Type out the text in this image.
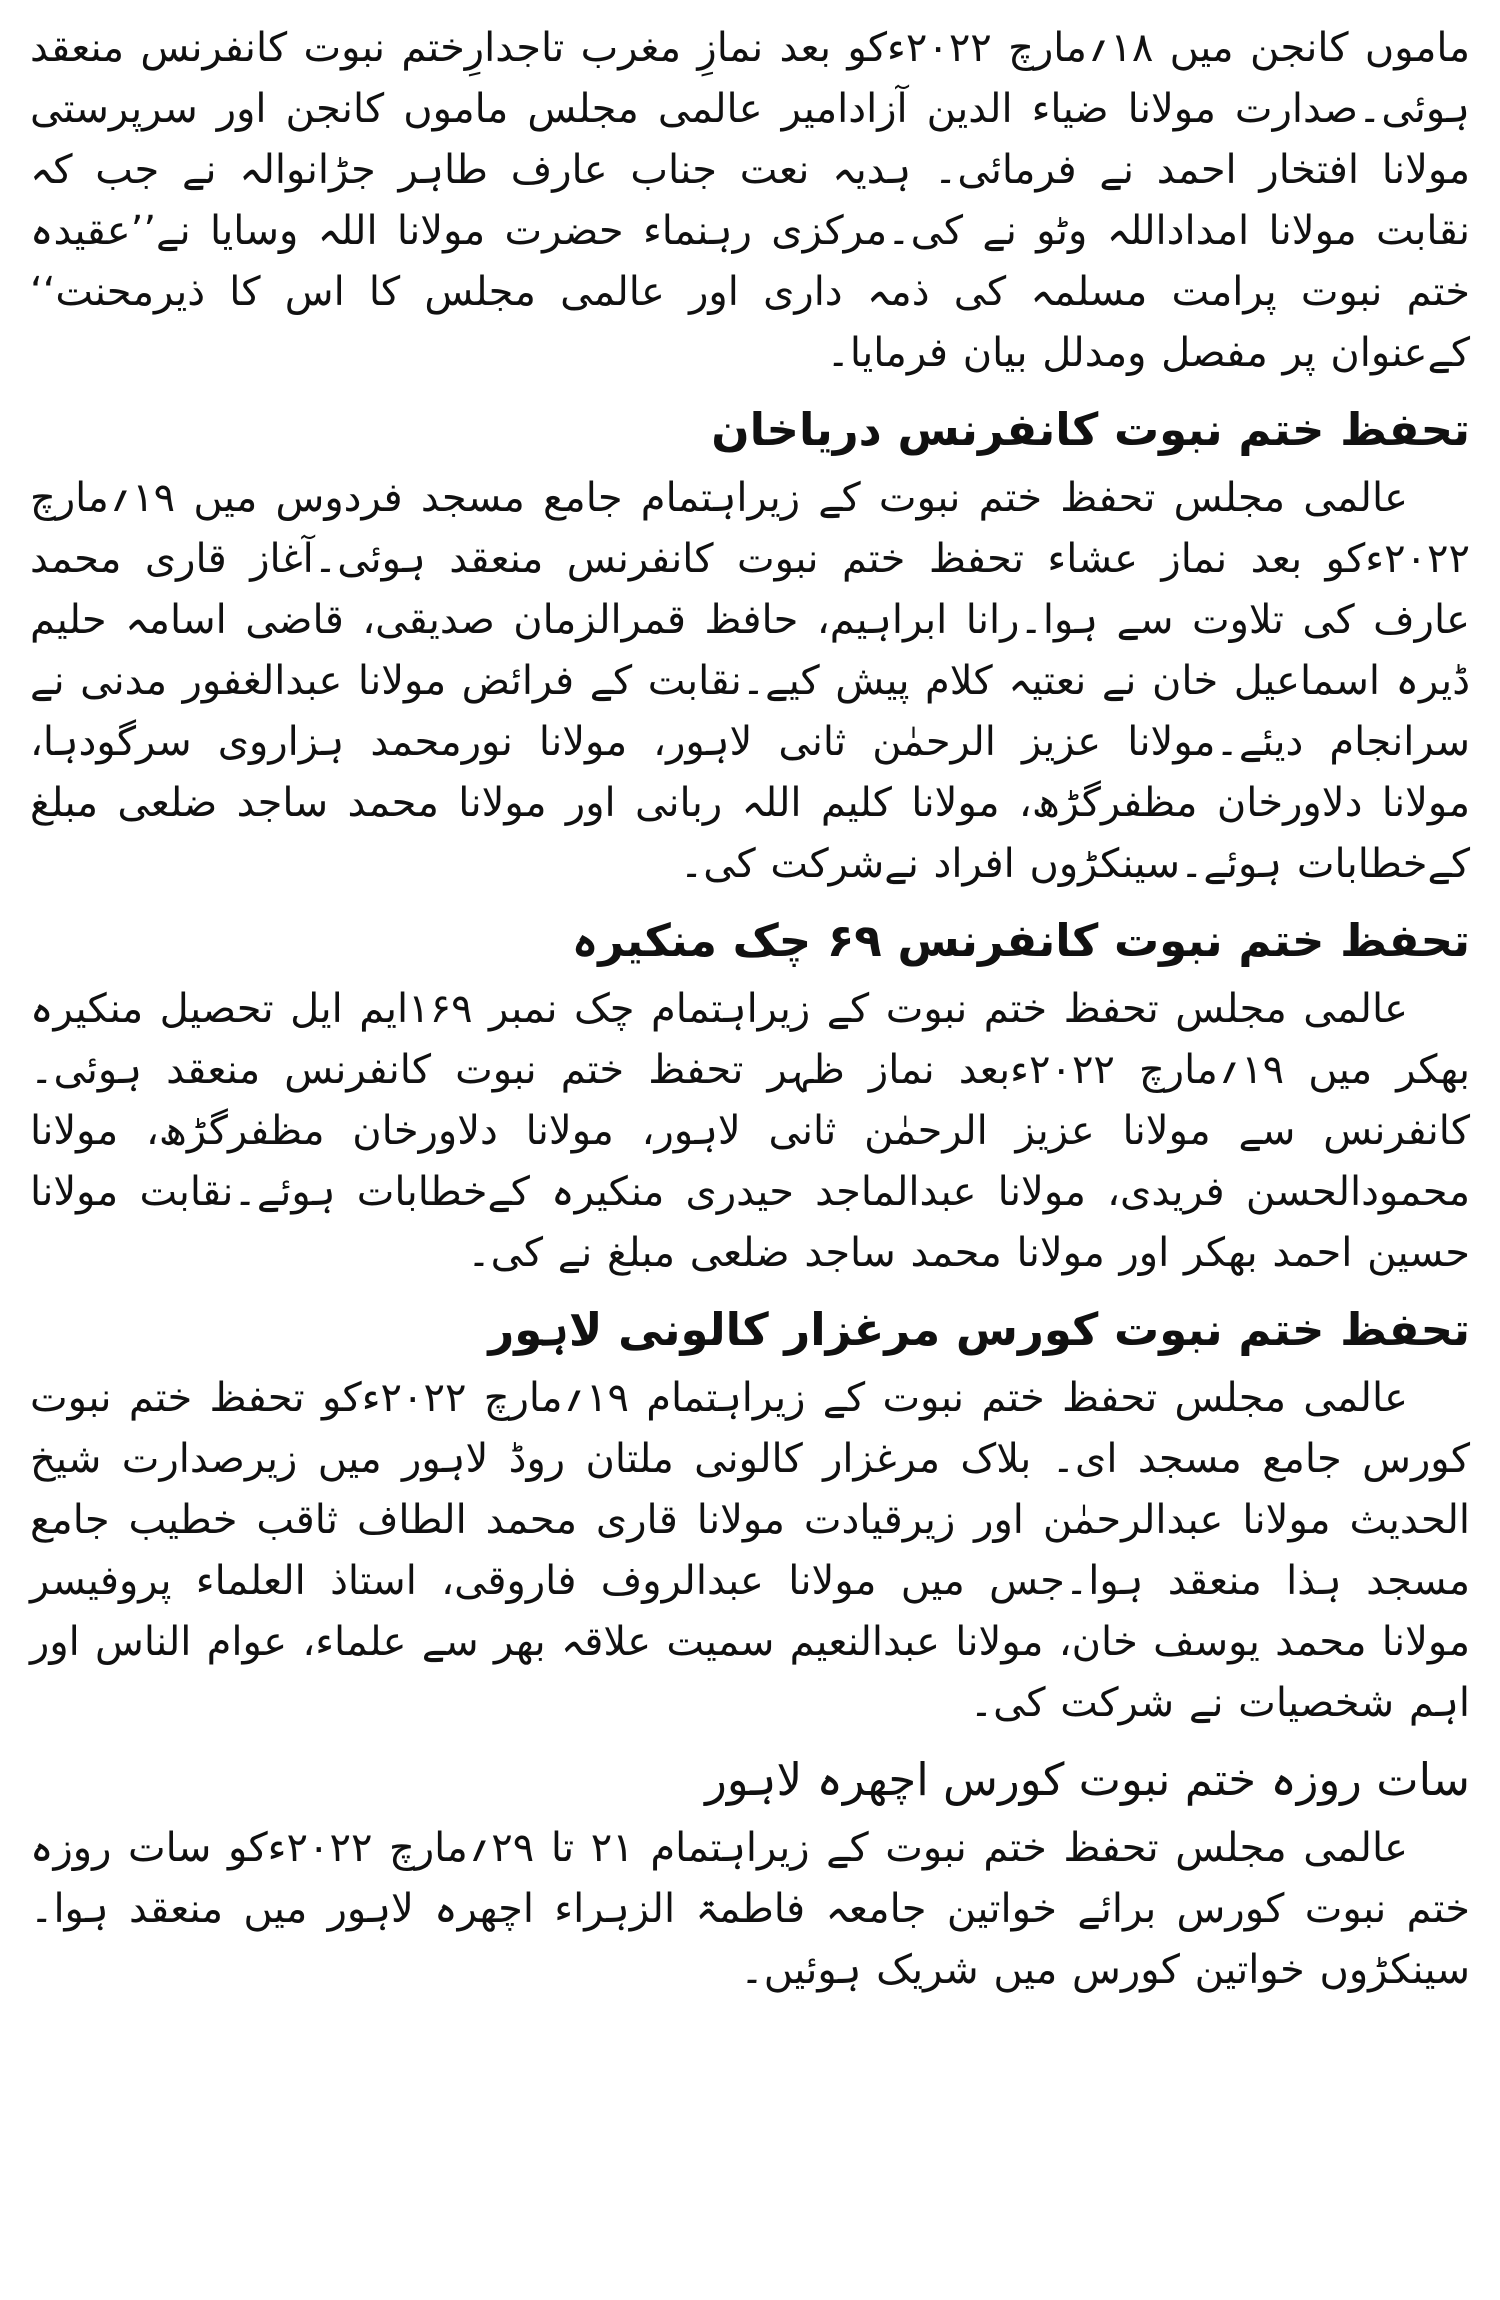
ماموں کانجن میں ۱۸؍مارچ ۲۰۲۲ءکو بعد نمازِ مغرب تاجدارِختم نبوت کانفرنس منعقد ہوئی۔صدارت مولانا ضیاء الدین آزادامیر عالمی مجلس ماموں کانجن اور سرپرستی مولانا افتخار احمد نے فرمائی۔ ہدیہ نعت جناب عارف طاہر جڑانوالہ نے جب کہ نقابت مولانا امداداللہ وٹو نے کی۔مرکزی رہنماء حضرت مولانا اللہ وسایا نے’’عقیدہ ختم نبوت پرامت مسلمہ کی ذمہ داری اور عالمی مجلس کا اس کا ذیرمحنت‘‘ کےعنوان پر مفصل ومدلل بیان فرمایا۔

تحفظ ختم نبوت کانفرنس دریاخان

عالمی مجلس تحفظ ختم نبوت کے زیراہتمام جامع مسجد فردوس میں ۱۹؍مارچ ۲۰۲۲ءکو بعد نماز عشاء تحفظ ختم نبوت کانفرنس منعقد ہوئی۔آغاز قاری محمد عارف کی تلاوت سے ہوا۔رانا ابراہیم، حافظ قمرالزمان صدیقی، قاضی اسامہ حلیم ڈیرہ اسماعیل خان نے نعتیہ کلام پیش کیے۔نقابت کے فرائض مولانا عبدالغفور مدنی نے سرانجام دیئے۔مولانا عزیز الرحمٰن ثانی لاہور، مولانا نورمحمد ہزاروی سرگودہا، مولانا دلاورخان مظفرگڑھ، مولانا کلیم اللہ ربانی اور مولانا محمد ساجد ضلعی مبلغ کےخطابات ہوئے۔سینکڑوں افراد نےشرکت کی۔

تحفظ ختم نبوت کانفرنس ۶۹ چک منکیرہ

عالمی مجلس تحفظ ختم نبوت کے زیراہتمام چک نمبر ۱۶۹ایم ایل تحصیل منکیرہ بھکر میں ۱۹؍مارچ ۲۰۲۲ءبعد نماز ظہر تحفظ ختم نبوت کانفرنس منعقد ہوئی۔کانفرنس سے مولانا عزیز الرحمٰن ثانی لاہور، مولانا دلاورخان مظفرگڑھ، مولانا محمودالحسن فریدی، مولانا عبدالماجد حیدری منکیرہ کےخطابات ہوئے۔نقابت مولانا حسین احمد بھکر اور مولانا محمد ساجد ضلعی مبلغ نے کی۔

تحفظ ختم نبوت کورس مرغزار کالونی لاہور

عالمی مجلس تحفظ ختم نبوت کے زیراہتمام ۱۹؍مارچ ۲۰۲۲ءکو تحفظ ختم نبوت کورس جامع مسجد ای۔ بلاک مرغزار کالونی ملتان روڈ لاہور میں زیرصدارت شیخ الحدیث مولانا عبدالرحمٰن اور زیرقیادت مولانا قاری محمد الطاف ثاقب خطیب جامع مسجد ہذا منعقد ہوا۔جس میں مولانا عبدالروف فاروقی، استاذ العلماء پروفیسر مولانا محمد یوسف خان، مولانا عبدالنعیم سمیت علاقہ بھر سے علماء، عوام الناس اور اہم شخصیات نے شرکت کی۔

سات روزہ ختم نبوت کورس اچھرہ لاہور

عالمی مجلس تحفظ ختم نبوت کے زیراہتمام ۲۱ تا ۲۹؍مارچ ۲۰۲۲ءکو سات روزہ ختم نبوت کورس برائے خواتین جامعہ فاطمۃ الزہراء اچھرہ لاہور میں منعقد ہوا۔سینکڑوں خواتین کورس میں شریک ہوئیں۔
